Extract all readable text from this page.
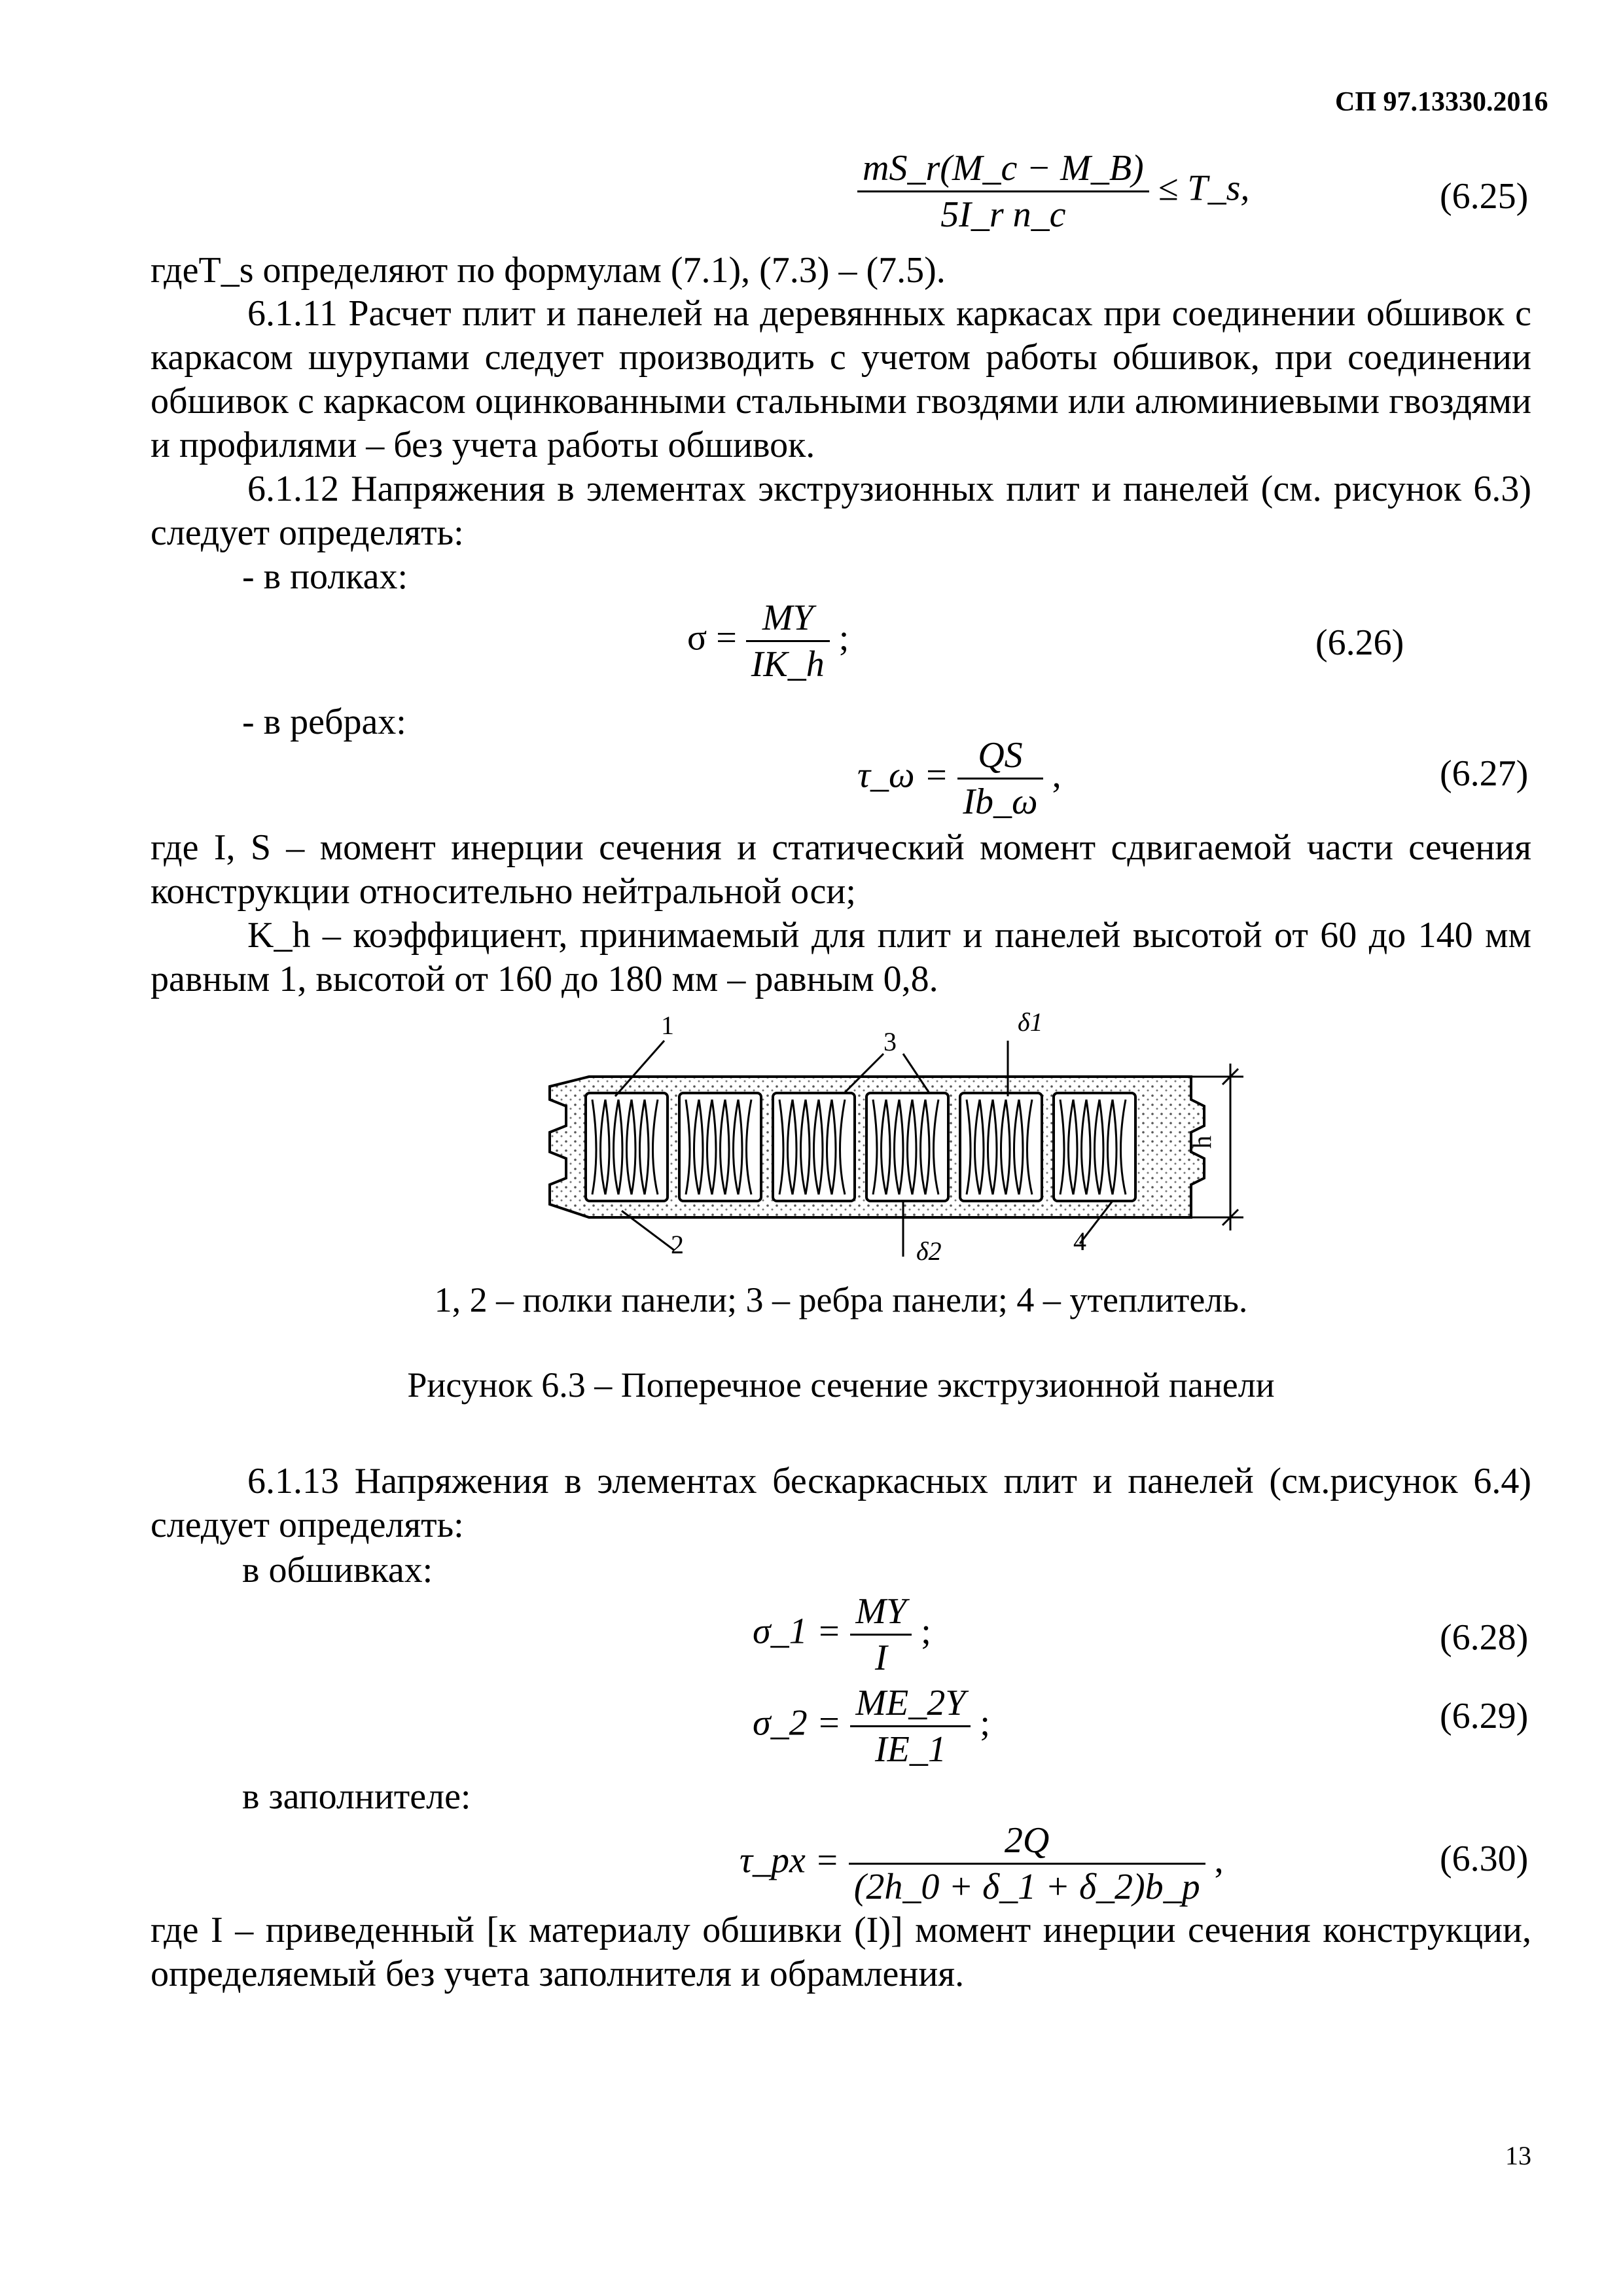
СП 97.13330.2016
$\frac{mS\_r(M\_c - M\_B)}{\text{5I\_r n\_c}}$ ≤ T_s,	(6.25)
гдеT_s определяют по формулам (7.1), (7.3) – (7.5).
6.1.11 Расчет плит и панелей на деревянных каркасах при соединении обшивок с каркасом шурупами следует производить с учетом работы обшивок, при соединении обшивок с каркасом оцинкованными стальными гвоздями или алюминиевыми гвоздями и профилями – без учета работы обшивок.
6.1.12 Напряжения в элементах экструзионных плит и панелей (см. рисунок 6.3) следует определять:
- в полках:
$\sigma = \frac{MY}{IK\_h}$ ;	(6.26)
- в ребрах:
τ_ω = $\frac{QS}{Ib\_\omega}$ ,	(6.27)
где I, S – момент инерции сечения и статический момент сдвигаемой части сечения конструкции относительно нейтральной оси;
K_h – коэффициент, принимаемый для плит и панелей высотой от 60 до 140 мм равным 1, высотой от 160 до 180 мм – равным 0,8.
1
2
3
4
δ1
δ2
h
1, 2 – полки панели; 3 – ребра панели; 4 – утеплитель.
Рисунок 6.3 – Поперечное сечение экструзионной панели
6.1.13 Напряжения в элементах бескаркасных плит и панелей (см.рисунок 6.4) следует определять:
в обшивках:
σ_1 = $\frac{MY}{I}$ ;	(6.28)
σ_2 = $\frac{ME\_2Y}{IE\_1}$ ;	(6.29)
в заполнителе:
τ_px = $\frac{2Q}{(2h\_0 + \delta\_1 + \delta\_2)b\_p}$ ,	(6.30)
где I – приведенный [к материалу обшивки (I)] момент инерции сечения конструкции, определяемый без учета заполнителя и обрамления.
13
